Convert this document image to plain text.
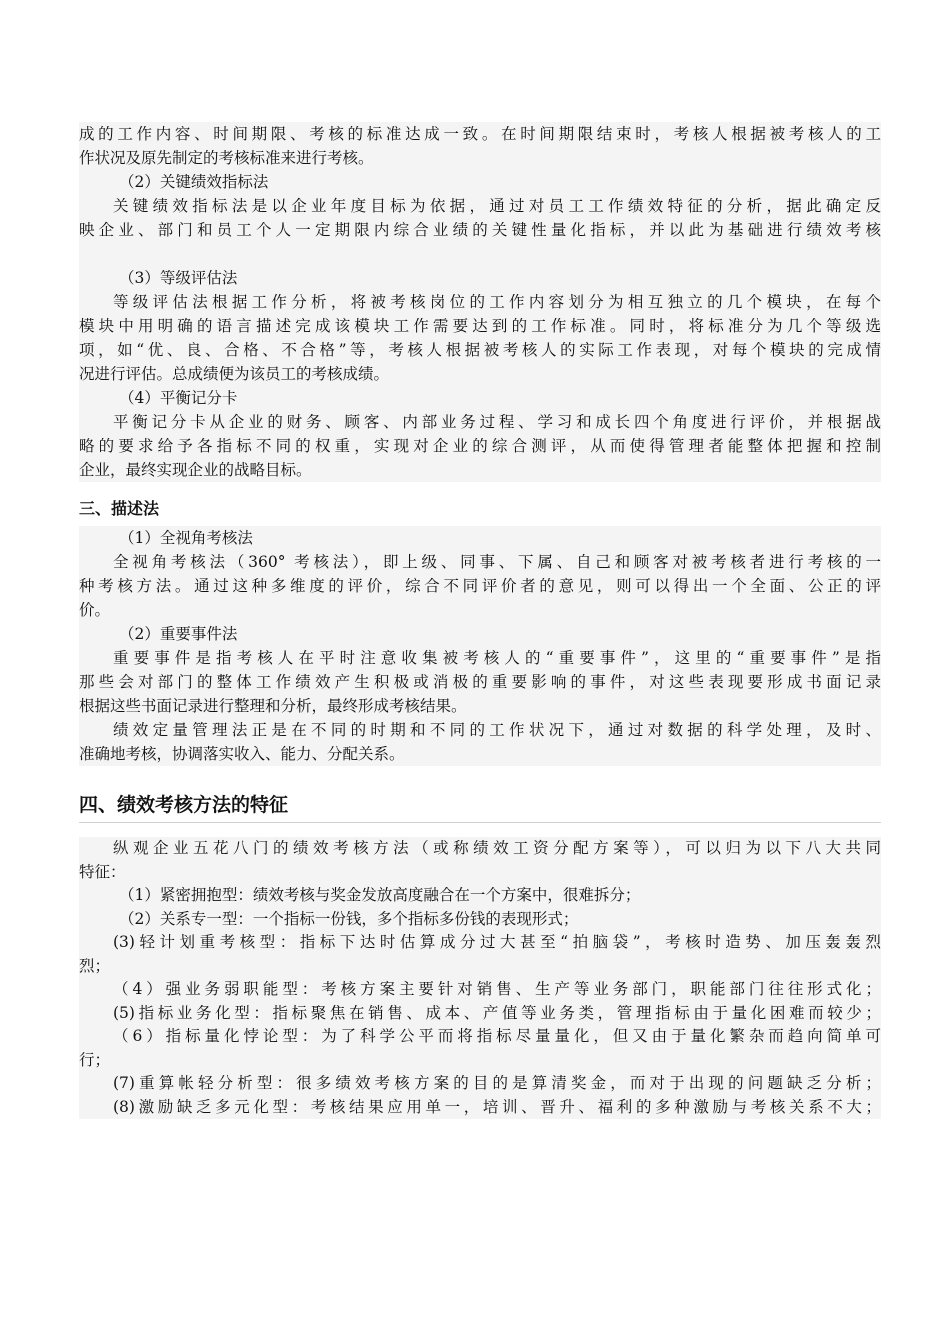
成的工作内容、时间期限、考核的标准达成一致。在时间期限结束时，考核人根据被考核人的工
作状况及原先制定的考核标准来进行考核。
（2）关键绩效指标法
关键绩效指标法是以企业年度目标为依据，通过对员工工作绩效特征的分析，据此确定反
映企业、部门和员工个人一定期限内综合业绩的关键性量化指标，并以此为基础进行绩效考核
（3）等级评估法
等级评估法根据工作分析，将被考核岗位的工作内容划分为相互独立的几个模块，在每个
模块中用明确的语言描述完成该模块工作需要达到的工作标准。同时，将标准分为几个等级选
项，如“优、良、合格、不合格”等，考核人根据被考核人的实际工作表现，对每个模块的完成情
况进行评估。总成绩便为该员工的考核成绩。
（4）平衡记分卡
平衡记分卡从企业的财务、顾客、内部业务过程、学习和成长四个角度进行评价，并根据战
略的要求给予各指标不同的权重，实现对企业的综合测评，从而使得管理者能整体把握和控制
企业，最终实现企业的战略目标。
三、描述法
（1）全视角考核法
全视角考核法（360° 考核法），即上级、同事、下属、自己和顾客对被考核者进行考核的一
种考核方法。通过这种多维度的评价，综合不同评价者的意见，则可以得出一个全面、公正的评
价。
（2）重要事件法
重要事件是指考核人在平时注意收集被考核人的“重要事件”，这里的“重要事件”是指
那些会对部门的整体工作绩效产生积极或消极的重要影响的事件，对这些表现要形成书面记录
根据这些书面记录进行整理和分析，最终形成考核结果。
绩效定量管理法正是在不同的时期和不同的工作状况下，通过对数据的科学处理，及时、
准确地考核，协调落实收入、能力、分配关系。
四、绩效考核方法的特征
纵观企业五花八门的绩效考核方法（或称绩效工资分配方案等），可以归为以下八大共同
特征：
（1）紧密拥抱型：绩效考核与奖金发放高度融合在一个方案中，很难拆分；
（2）关系专一型：一个指标一份钱，多个指标多份钱的表现形式；
(3)轻计划重考核型：指标下达时估算成分过大甚至“拍脑袋”，考核时造势、加压轰轰烈
烈；
（4）强业务弱职能型：考核方案主要针对销售、生产等业务部门，职能部门往往形式化；
(5)指标业务化型：指标聚焦在销售、成本、产值等业务类，管理指标由于量化困难而较少；
（6）指标量化悖论型：为了科学公平而将指标尽量量化，但又由于量化繁杂而趋向简单可
行；
(7)重算帐轻分析型：很多绩效考核方案的目的是算清奖金，而对于出现的问题缺乏分析；
(8)激励缺乏多元化型：考核结果应用单一，培训、晋升、福利的多种激励与考核关系不大；
